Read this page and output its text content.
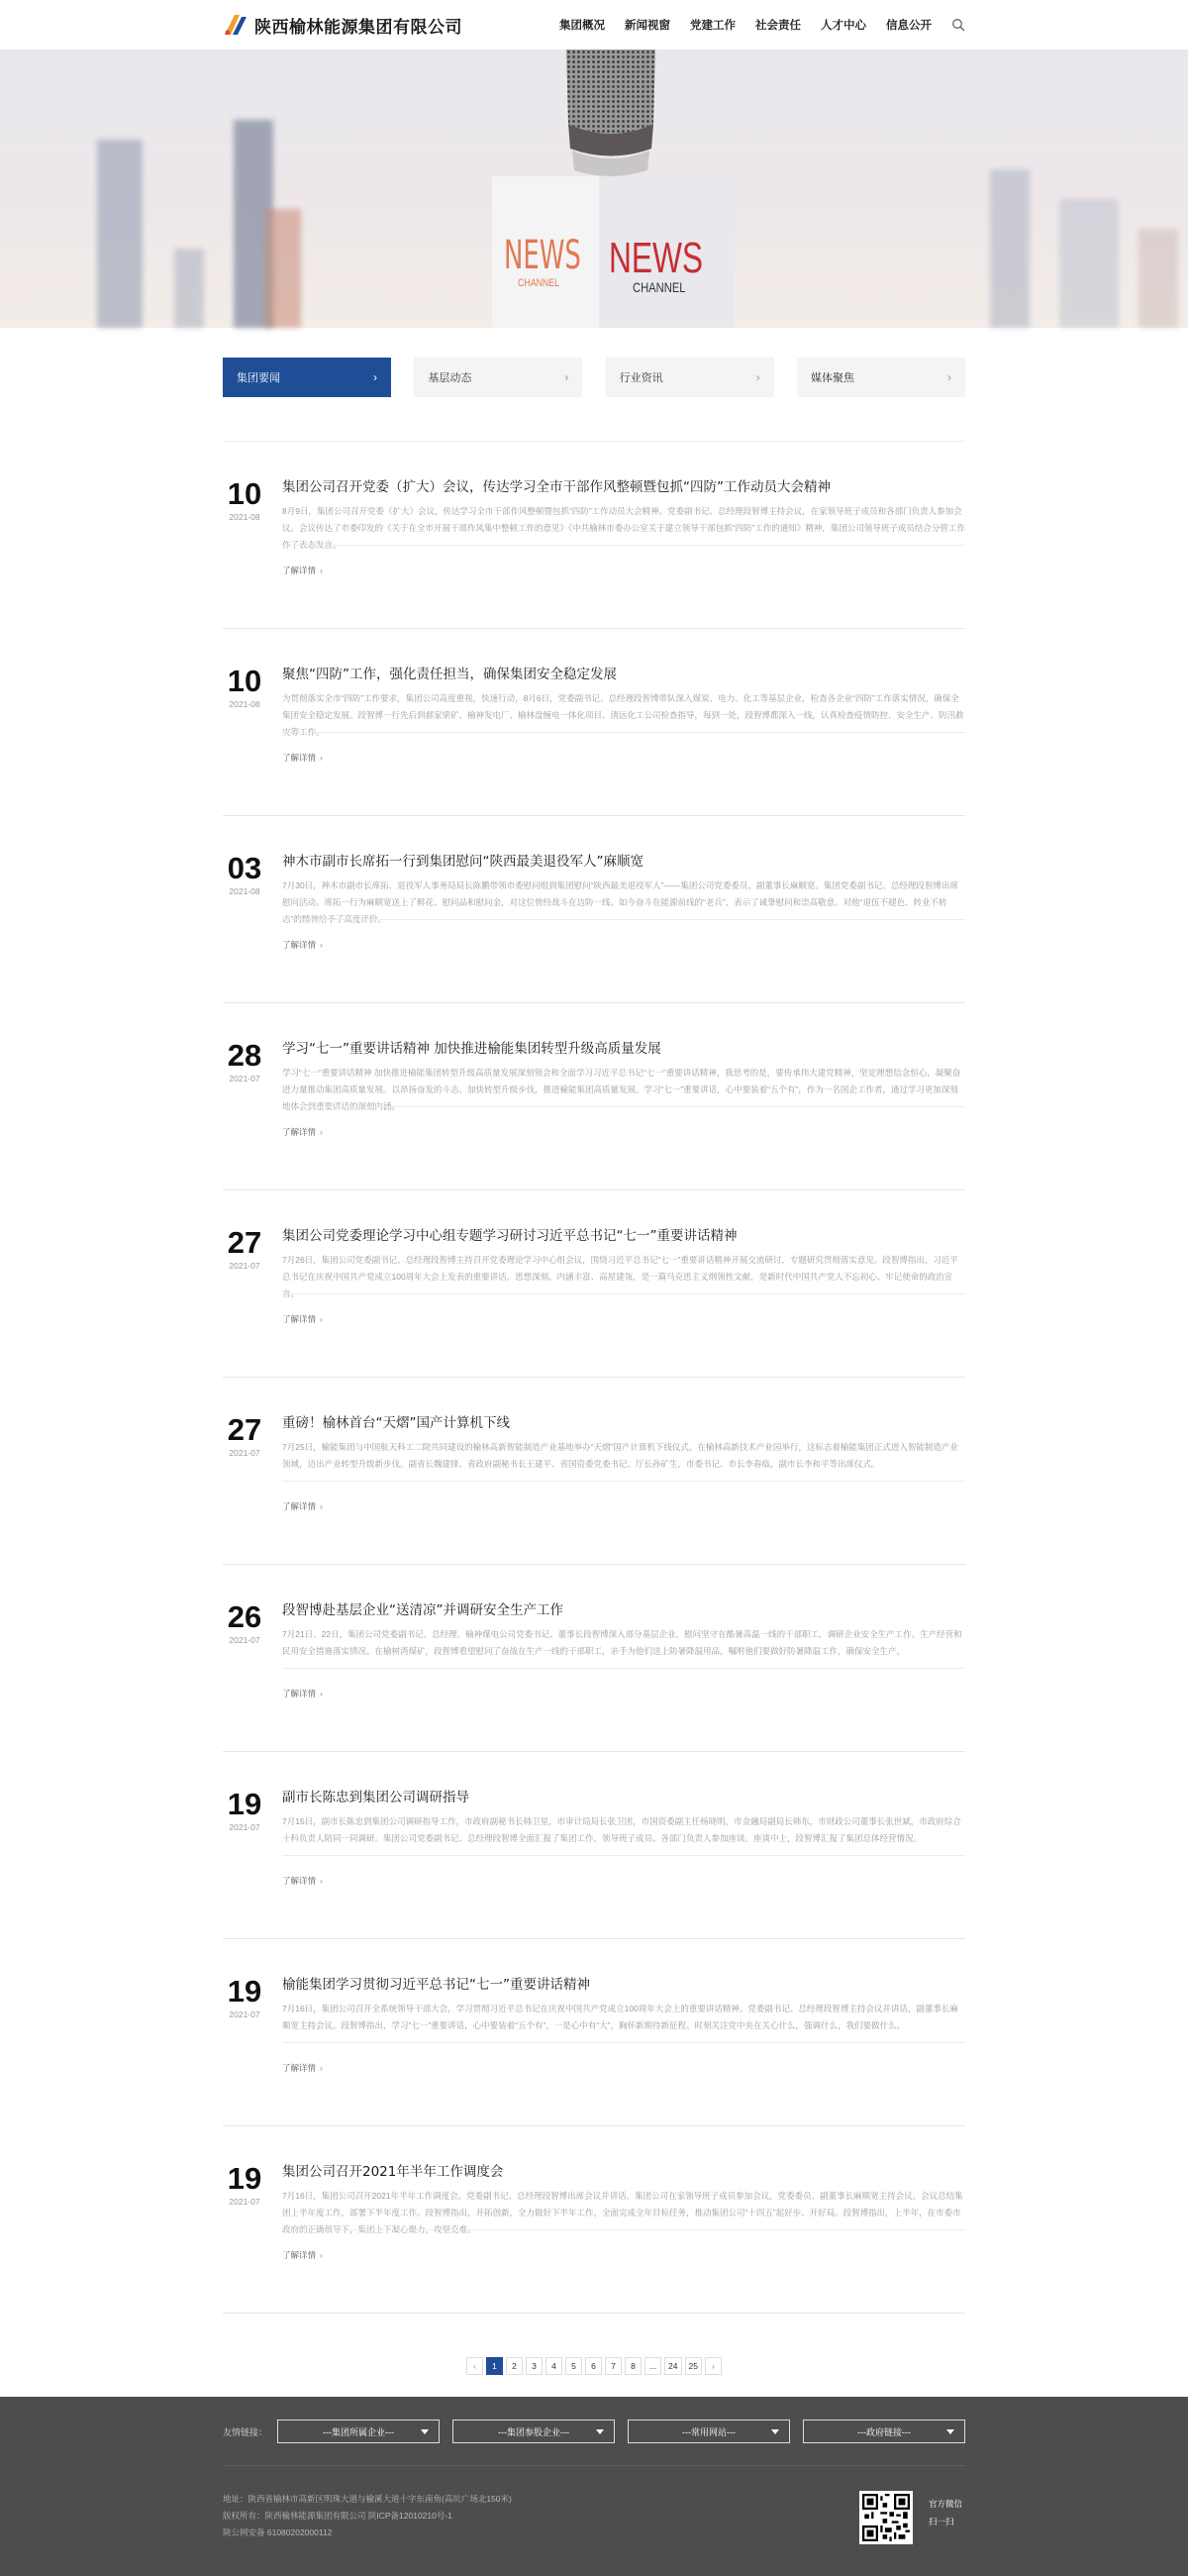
陕西榆林能源集团有限公司	集团概况 新闻视窗 党建工作 社会责任 人才中心 信息公开
NEWS
CHANNEL
NEWS
CHANNEL
集团要闻	›	基层动态	›	行业资讯	›	媒体聚焦	›
10
2021-08
集团公司召开党委（扩大）会议，传达学习全市干部作风整顿暨包抓“四防”工作动员大会精神
8月9日，集团公司召开党委（扩大）会议，传达学习全市干部作风整顿暨包抓“四防”工作动员大会精神。党委副书记、总经理段智博主持会议，在家领导班子成员和各部门负责人参加会议。会议传达了市委印发的《关于在全市开展干部作风集中整顿工作的意见》《中共榆林市委办公室关于建立领导干部包抓“四防”工作的通知》精神，集团公司领导班子成员结合分管工作作了表态发言。
了解详情 ›
10
2021-08
聚焦“四防”工作，强化责任担当，确保集团安全稳定发展
为贯彻落实全市“四防”工作要求，集团公司高度重视，快速行动，8月6日，党委副书记、总经理段智博带队深入煤炭、电力、化工等基层企业，检查各企业“四防”工作落实情况，确保全集团安全稳定发展。段智博一行先后到郝家梁矿、榆神发电厂、榆林盘缠电一体化项目、清远化工公司检查指导，每到一处，段智博都深入一线，认真检查疫情防控、安全生产、防汛救灾等工作。
了解详情 ›
03
2021-08
神木市副市长席拓一行到集团慰问“陕西最美退役军人”麻顺宽
7月30日，神木市副市长席拓、退役军人事务局局长陈鹏带领市委慰问组到集团慰问“陕西最美退役军人”——集团公司党委委员、副董事长麻顺宽。集团党委副书记、总经理段智博出席慰问活动。席拓一行为麻顺宽送上了鲜花、慰问品和慰问金，对这位曾经战斗在边防一线、如今奋斗在能源前线的“老兵”，表示了诚挚慰问和崇高敬意。对他“退伍不褪色、转业不转志”的精神给予了高度评价。
了解详情 ›
28
2021-07
学习“七一”重要讲话精神 加快推进榆能集团转型升级高质量发展
学习“七一”重要讲话精神 加快推进榆能集团转型升级高质量发展深刻领会和全面学习习近平总书记“七一”重要讲话精神，我思考的是，要传承伟大建党精神，坚定理想信念恒心，凝聚奋进力量推动集团高质量发展。以昂扬奋发的斗志、加快转型升级步伐，推进榆能集团高质量发展。学习“七一”重要讲话，心中要装着“五个有”，作为一名国企工作者，通过学习更加深刻地体会到重要讲话的深刻内涵。
了解详情 ›
27
2021-07
集团公司党委理论学习中心组专题学习研讨习近平总书记“七一”重要讲话精神
7月26日，集团公司党委副书记、总经理段智博主持召开党委理论学习中心组会议，围绕习近平总书记“七一”重要讲话精神开展交流研讨，专题研究贯彻落实意见。段智博指出，习近平总书记在庆祝中国共产党成立100周年大会上发表的重要讲话，思想深刻、内涵丰富、高屋建瓴，是一篇马克思主义纲领性文献，是新时代中国共产党人不忘初心、牢记使命的政治宣言。
了解详情 ›
27
2021-07
重磅！榆林首台“天熠”国产计算机下线
7月25日，榆能集团与中国航天科工二院共同建设的榆林高新智能制造产业基地举办“天熠”国产计算机下线仪式。在榆林高新技术产业园举行，这标志着榆能集团正式进入智能制造产业领域，迈出产业转型升级新步伐。副省长魏建锋、省政府副秘书长王建平、省国资委党委书记、厅长孙矿生，市委书记、市长李春临，副市长李和平等出席仪式。
了解详情 ›
26
2021-07
段智博赴基层企业“送清凉”并调研安全生产工作
7月21日、22日，集团公司党委副书记、总经理、榆神煤电公司党委书记、董事长段智博深入部分基层企业，慰问坚守在酷暑高温一线的干部职工，调研企业安全生产工作。生产经营和民用安全措施落实情况。在榆树湾煤矿，段智博看望慰问了奋战在生产一线的干部职工，亲手为他们送上防暑降温用品，嘱咐他们要做好防暑降温工作，确保安全生产。
了解详情 ›
19
2021-07
副市长陈忠到集团公司调研指导
7月15日，副市长陈忠到集团公司调研指导工作，市政府副秘书长韩卫星，市审计局局长张卫团，市国资委副主任杨晓明，市金融局副局长韩东，市财政公司董事长张世斌，市政府综合十科负责人陪同一同调研。集团公司党委副书记、总经理段智博全面汇报了集团工作，领导班子成员、各部门负责人参加座谈。座谈中上，段智博汇报了集团总体经营情况。
了解详情 ›
19
2021-07
榆能集团学习贯彻习近平总书记“七一”重要讲话精神
7月16日，集团公司召开全系统领导干部大会，学习贯彻习近平总书记在庆祝中国共产党成立100周年大会上的重要讲话精神。党委副书记、总经理段智博主持会议并讲话，副董事长麻顺宽主持会议。段智博指出，学习“七一”重要讲话，心中要装着“五个有”，一是心中有“大”，胸怀新期待新征程。时刻关注党中央在关心什么，强调什么，我们要做什么。
了解详情 ›
19
2021-07
集团公司召开2021年半年工作调度会
7月16日，集团公司召开2021年半年工作调度会。党委副书记、总经理段智博出席会议并讲话，集团公司在家领导班子成员参加会议，党委委员、副董事长麻顺宽主持会议。会议总结集团上半年度工作，部署下半年度工作。段智博指出，开拓创新，全力做好下半年工作，全面完成全年目标任务，推动集团公司“十四五”起好步、开好局。段智博指出，上半年，在市委市政府的正确领导下，集团上下凝心聚力，攻坚克难。
了解详情 ›
‹	1	2	3	4	5	6	7	8	...	24	25	›
友情链接：	---集团所属企业---	---集团参股企业---	---常用网站---	---政府链接---
地址：陕西省榆林市高新区明珠大道与榆溪大道十字东南角(高坑广场北150米)
版权所有：陕西榆林能源集团有限公司 陕ICP备12010210号-1
陕公网安备 61080202000112
官方微信
扫一扫
